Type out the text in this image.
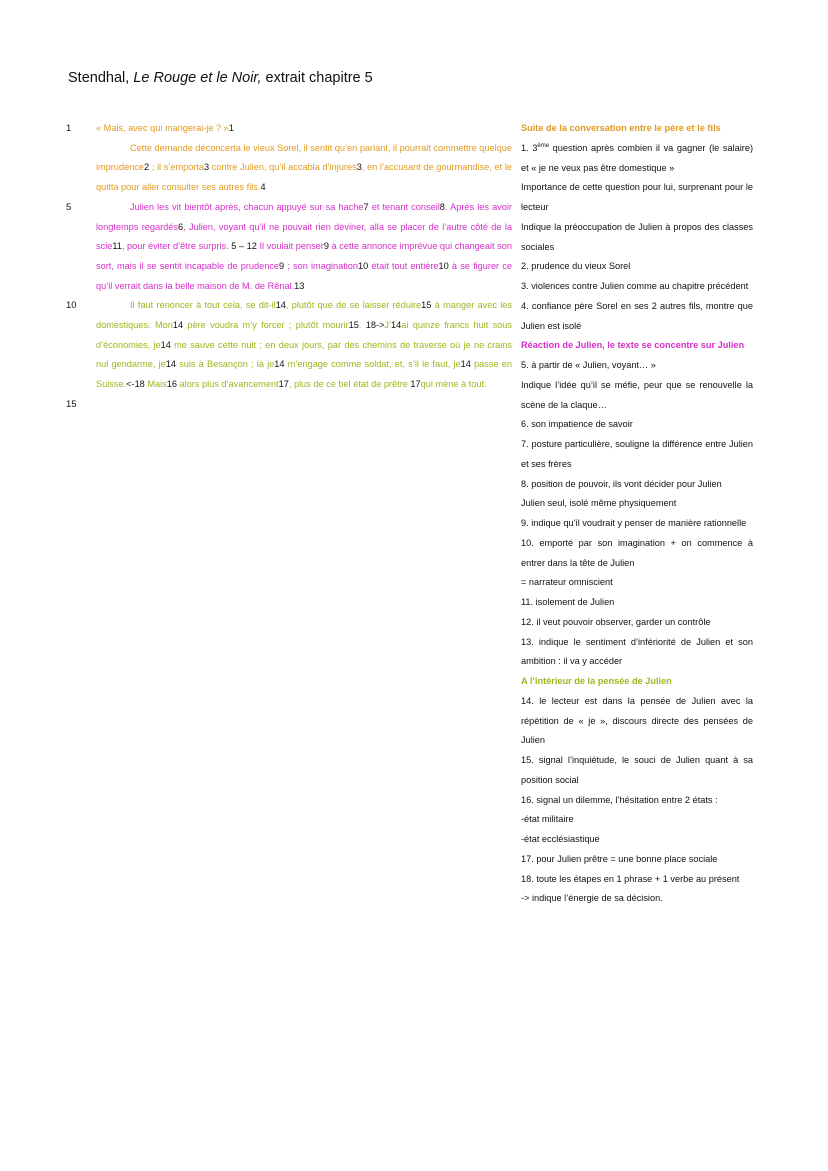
Stendhal, Le Rouge et le Noir, extrait chapitre 5
1
5
10
15

« Mais, avec qui mangerai-je ? »1

Cette demande déconcerta le vieux Sorel, il sentit qu’en parlant, il pourrait commettre quelque imprudence2 ; il s’emporta3 contre Julien, qu’il accabla d’injures3, en l’accusant de gourmandise, et le quitta pour aller consulter ses autres fils.4

Julien les vit bientôt après, chacun appuyé sur sa hache7 et tenant conseil8. Après les avoir longtemps regardés6, Julien, voyant qu’il ne pouvait rien deviner, alla se placer de l’autre côté de la scie11, pour éviter d’être surpris. 5 – 12 Il voulait penser9 à cette annonce imprévue qui changeait son sort, mais il se sentit incapable de prudence9 ; son imagination10 était tout entière10 à se figurer ce qu’il verrait dans la belle maison de M. de Rênal.13

Il faut renoncer à tout cela, se dit-il14, plutôt que de se laisser réduire15 à manger avec les domestiques. Mon14 père voudra m’y forcer ; plutôt mourir15. 18->J’14ai quinze francs huit sous d’économies, je14 me sauve cette nuit ; en deux jours, par des chemins de traverse où je ne crains nul gendarme, je14 suis à Besançon ; là je14 m’engage comme soldat, et, s’il le faut, je14 passe en Suisse.<-18 Mais16 alors plus d’avancement17, plus de ce bel état de prêtre 17qui mène à tout.

Suite de la conversation entre le père et le fils
1. 3ème question après combien il va gagner (le salaire) et « je ne veux pas être domestique »
Importance de cette question pour lui, surprenant pour le lecteur
Indique la préoccupation de Julien à propos des classes sociales
2. prudence du vieux Sorel
3. violences contre Julien comme au chapitre précédent
4. confiance père Sorel en ses 2 autres fils, montre que Julien est isolé
Réaction de Julien, le texte se concentre sur Julien
5. à partir de « Julien, voyant… »
Indique l’idée qu’il se méfie, peur que se renouvelle la scène de la claque…
6. son impatience de savoir
7. posture particulière, souligne la différence entre Julien et ses frères
8. position de pouvoir, ils vont décider pour Julien
Julien seul, isolé même physiquement
9. indique qu’il voudrait y penser de manière rationnelle
10. emporté par son imagination + on commence à entrer dans la tête de Julien
= narrateur omniscient
11. isolement de Julien
12. il veut pouvoir observer, garder un contrôle
13. indique le sentiment d’infériorité de Julien et son ambition : il va y accéder
A l’intérieur de la pensée de Julien
14. le lecteur est dans la pensée de Julien avec la répétition de « je », discours directe des pensées de Julien
15. signal l’inquiétude, le souci de Julien quant à sa position social
16. signal un dilemme, l’hésitation entre 2 états :
-état militaire
-état ecclésiastique
17. pour Julien prêtre = une bonne place sociale
18. toute les étapes en 1 phrase + 1 verbe au présent
-> indique l’énergie de sa décision.
